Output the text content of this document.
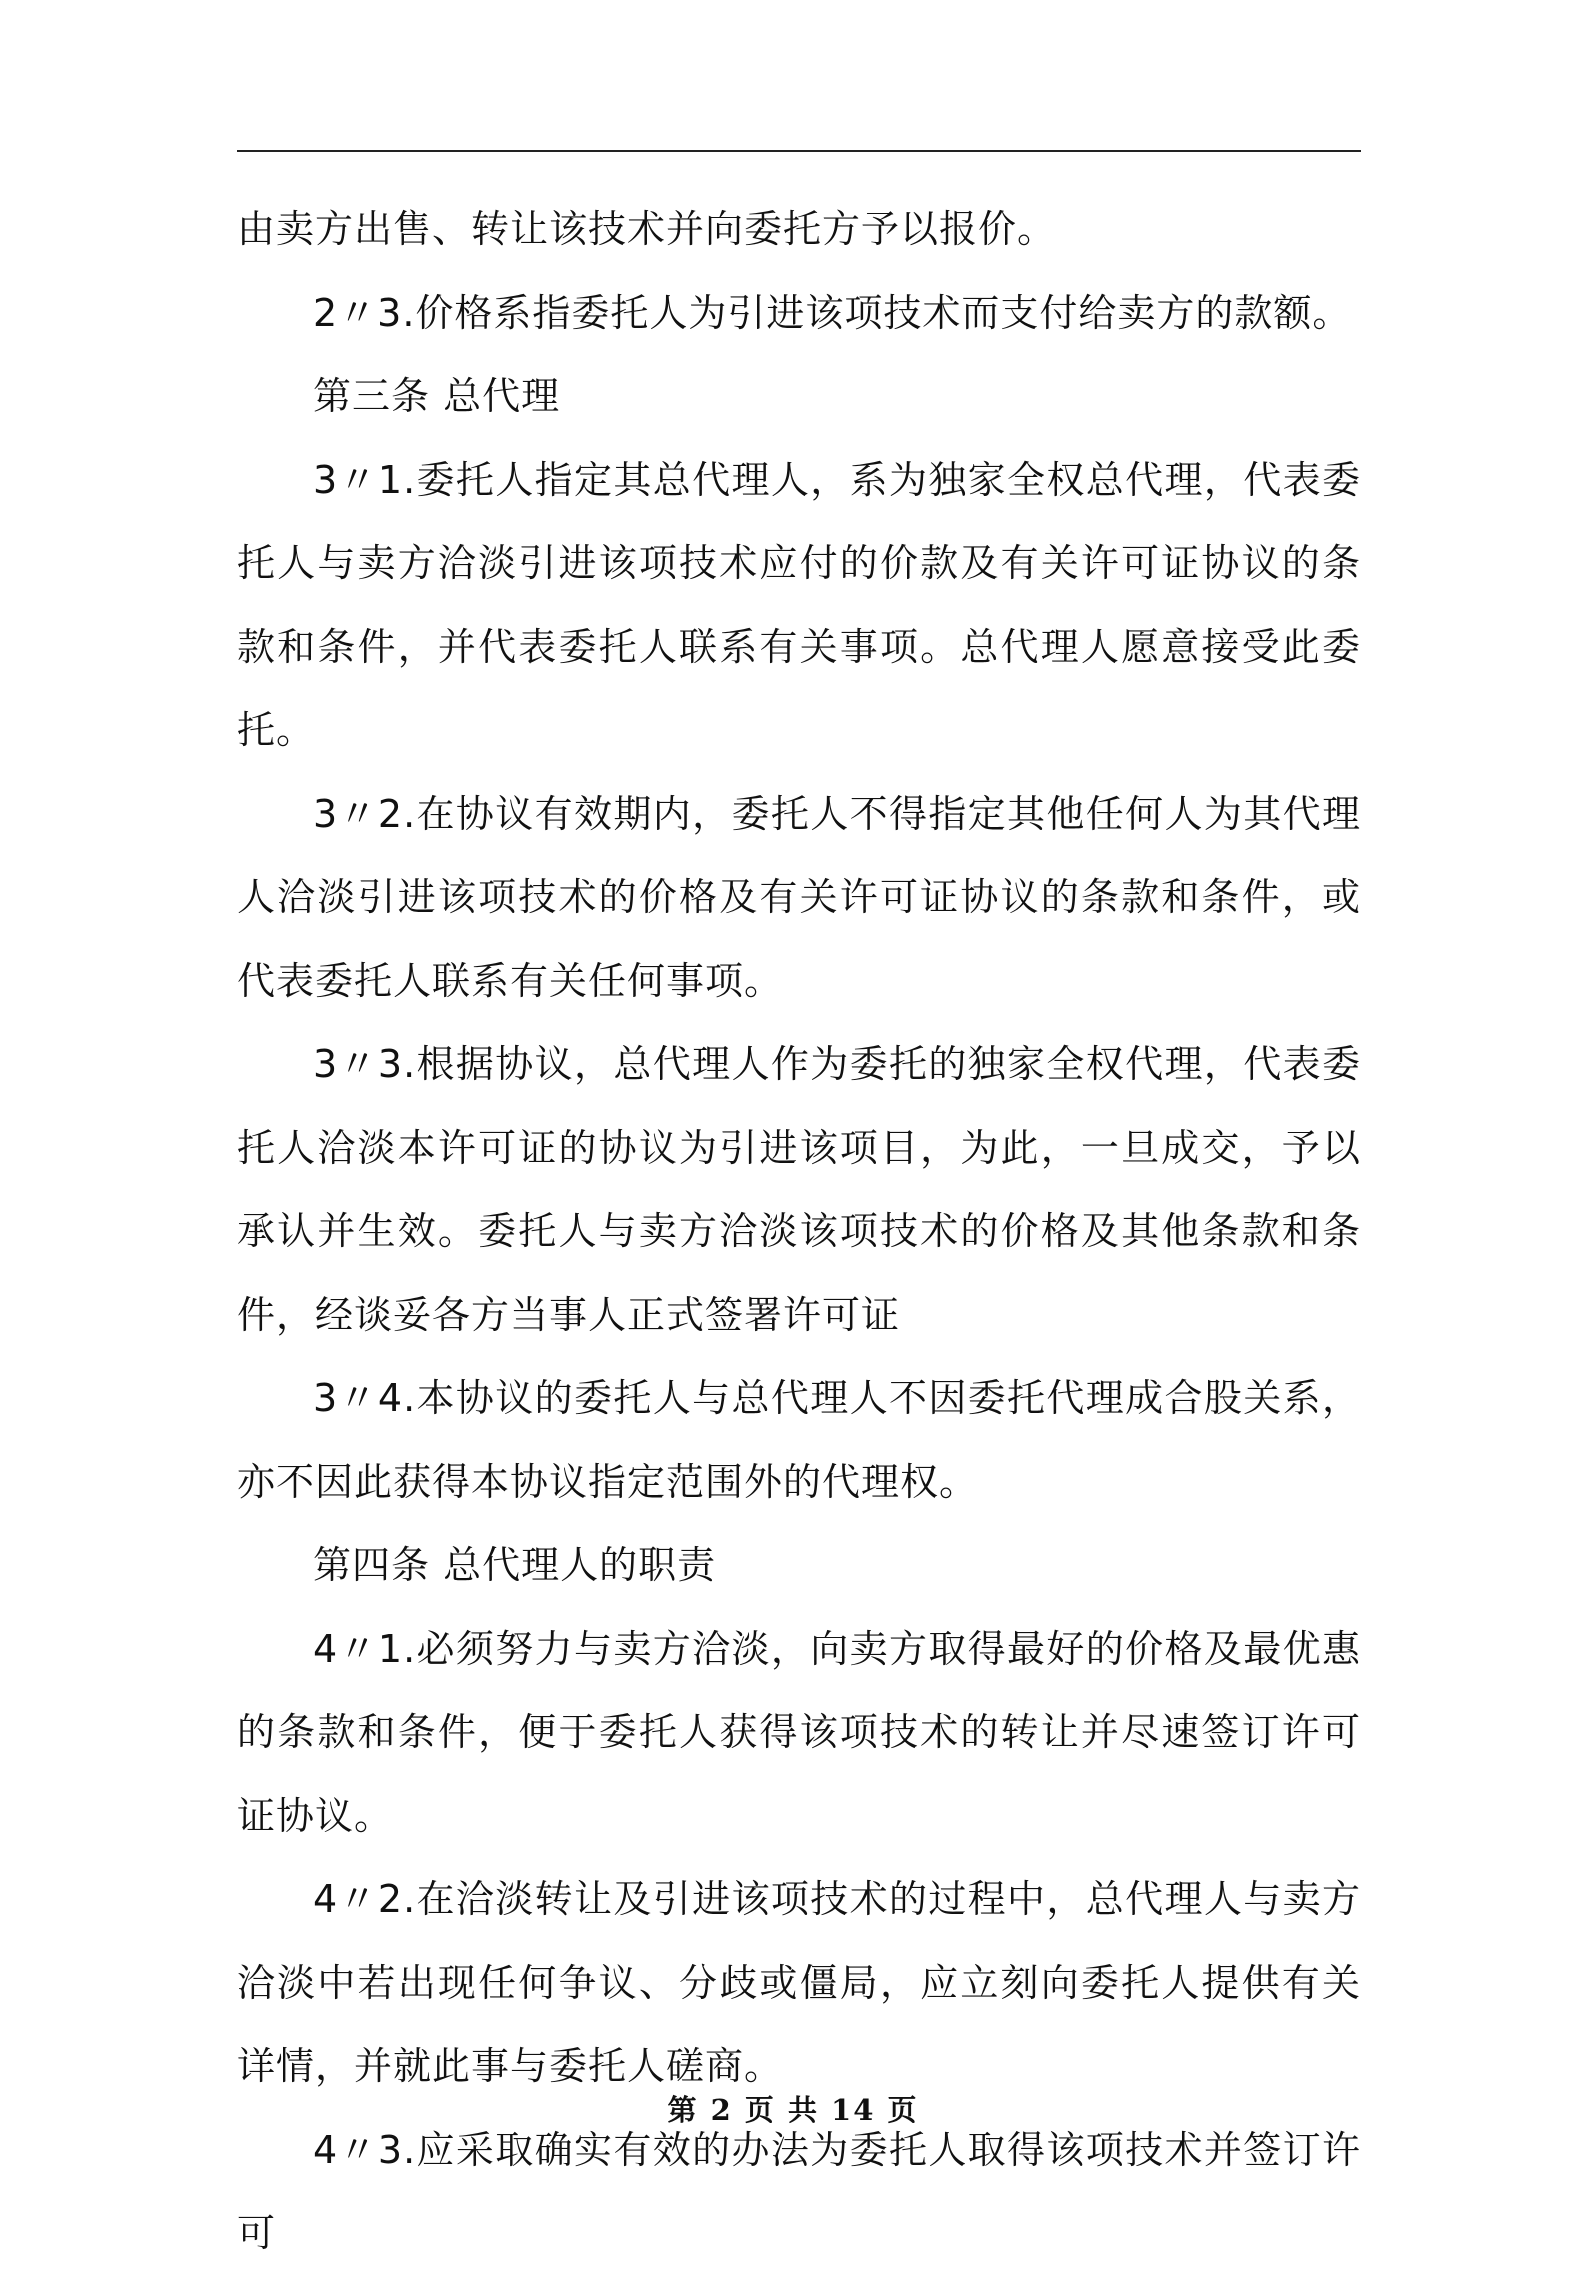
由卖方出售、转让该技术并向委托方予以报价。

2〃3.价格系指委托人为引进该项技术而支付给卖方的款额。

第三条 总代理

3〃1.委托人指定其总代理人，系为独家全权总代理，代表委托人与卖方洽淡引进该项技术应付的价款及有关许可证协议的条款和条件，并代表委托人联系有关事项。总代理人愿意接受此委托。

3〃2.在协议有效期内，委托人不得指定其他任何人为其代理人洽淡引进该项技术的价格及有关许可证协议的条款和条件，或代表委托人联系有关任何事项。

3〃3.根据协议，总代理人作为委托的独家全权代理，代表委托人洽淡本许可证的协议为引进该项目，为此，一旦成交，予以承认并生效。委托人与卖方洽淡该项技术的价格及其他条款和条件，经谈妥各方当事人正式签署许可证

3〃4.本协议的委托人与总代理人不因委托代理成合股关系，亦不因此获得本协议指定范围外的代理权。

第四条 总代理人的职责

4〃1.必须努力与卖方洽淡，向卖方取得最好的价格及最优惠的条款和条件，便于委托人获得该项技术的转让并尽速签订许可证协议。

4〃2.在洽淡转让及引进该项技术的过程中，总代理人与卖方洽淡中若出现任何争议、分歧或僵局，应立刻向委托人提供有关详情，并就此事与委托人磋商。

4〃3.应采取确实有效的办法为委托人取得该项技术并签订许可

第 2 页 共 14 页
